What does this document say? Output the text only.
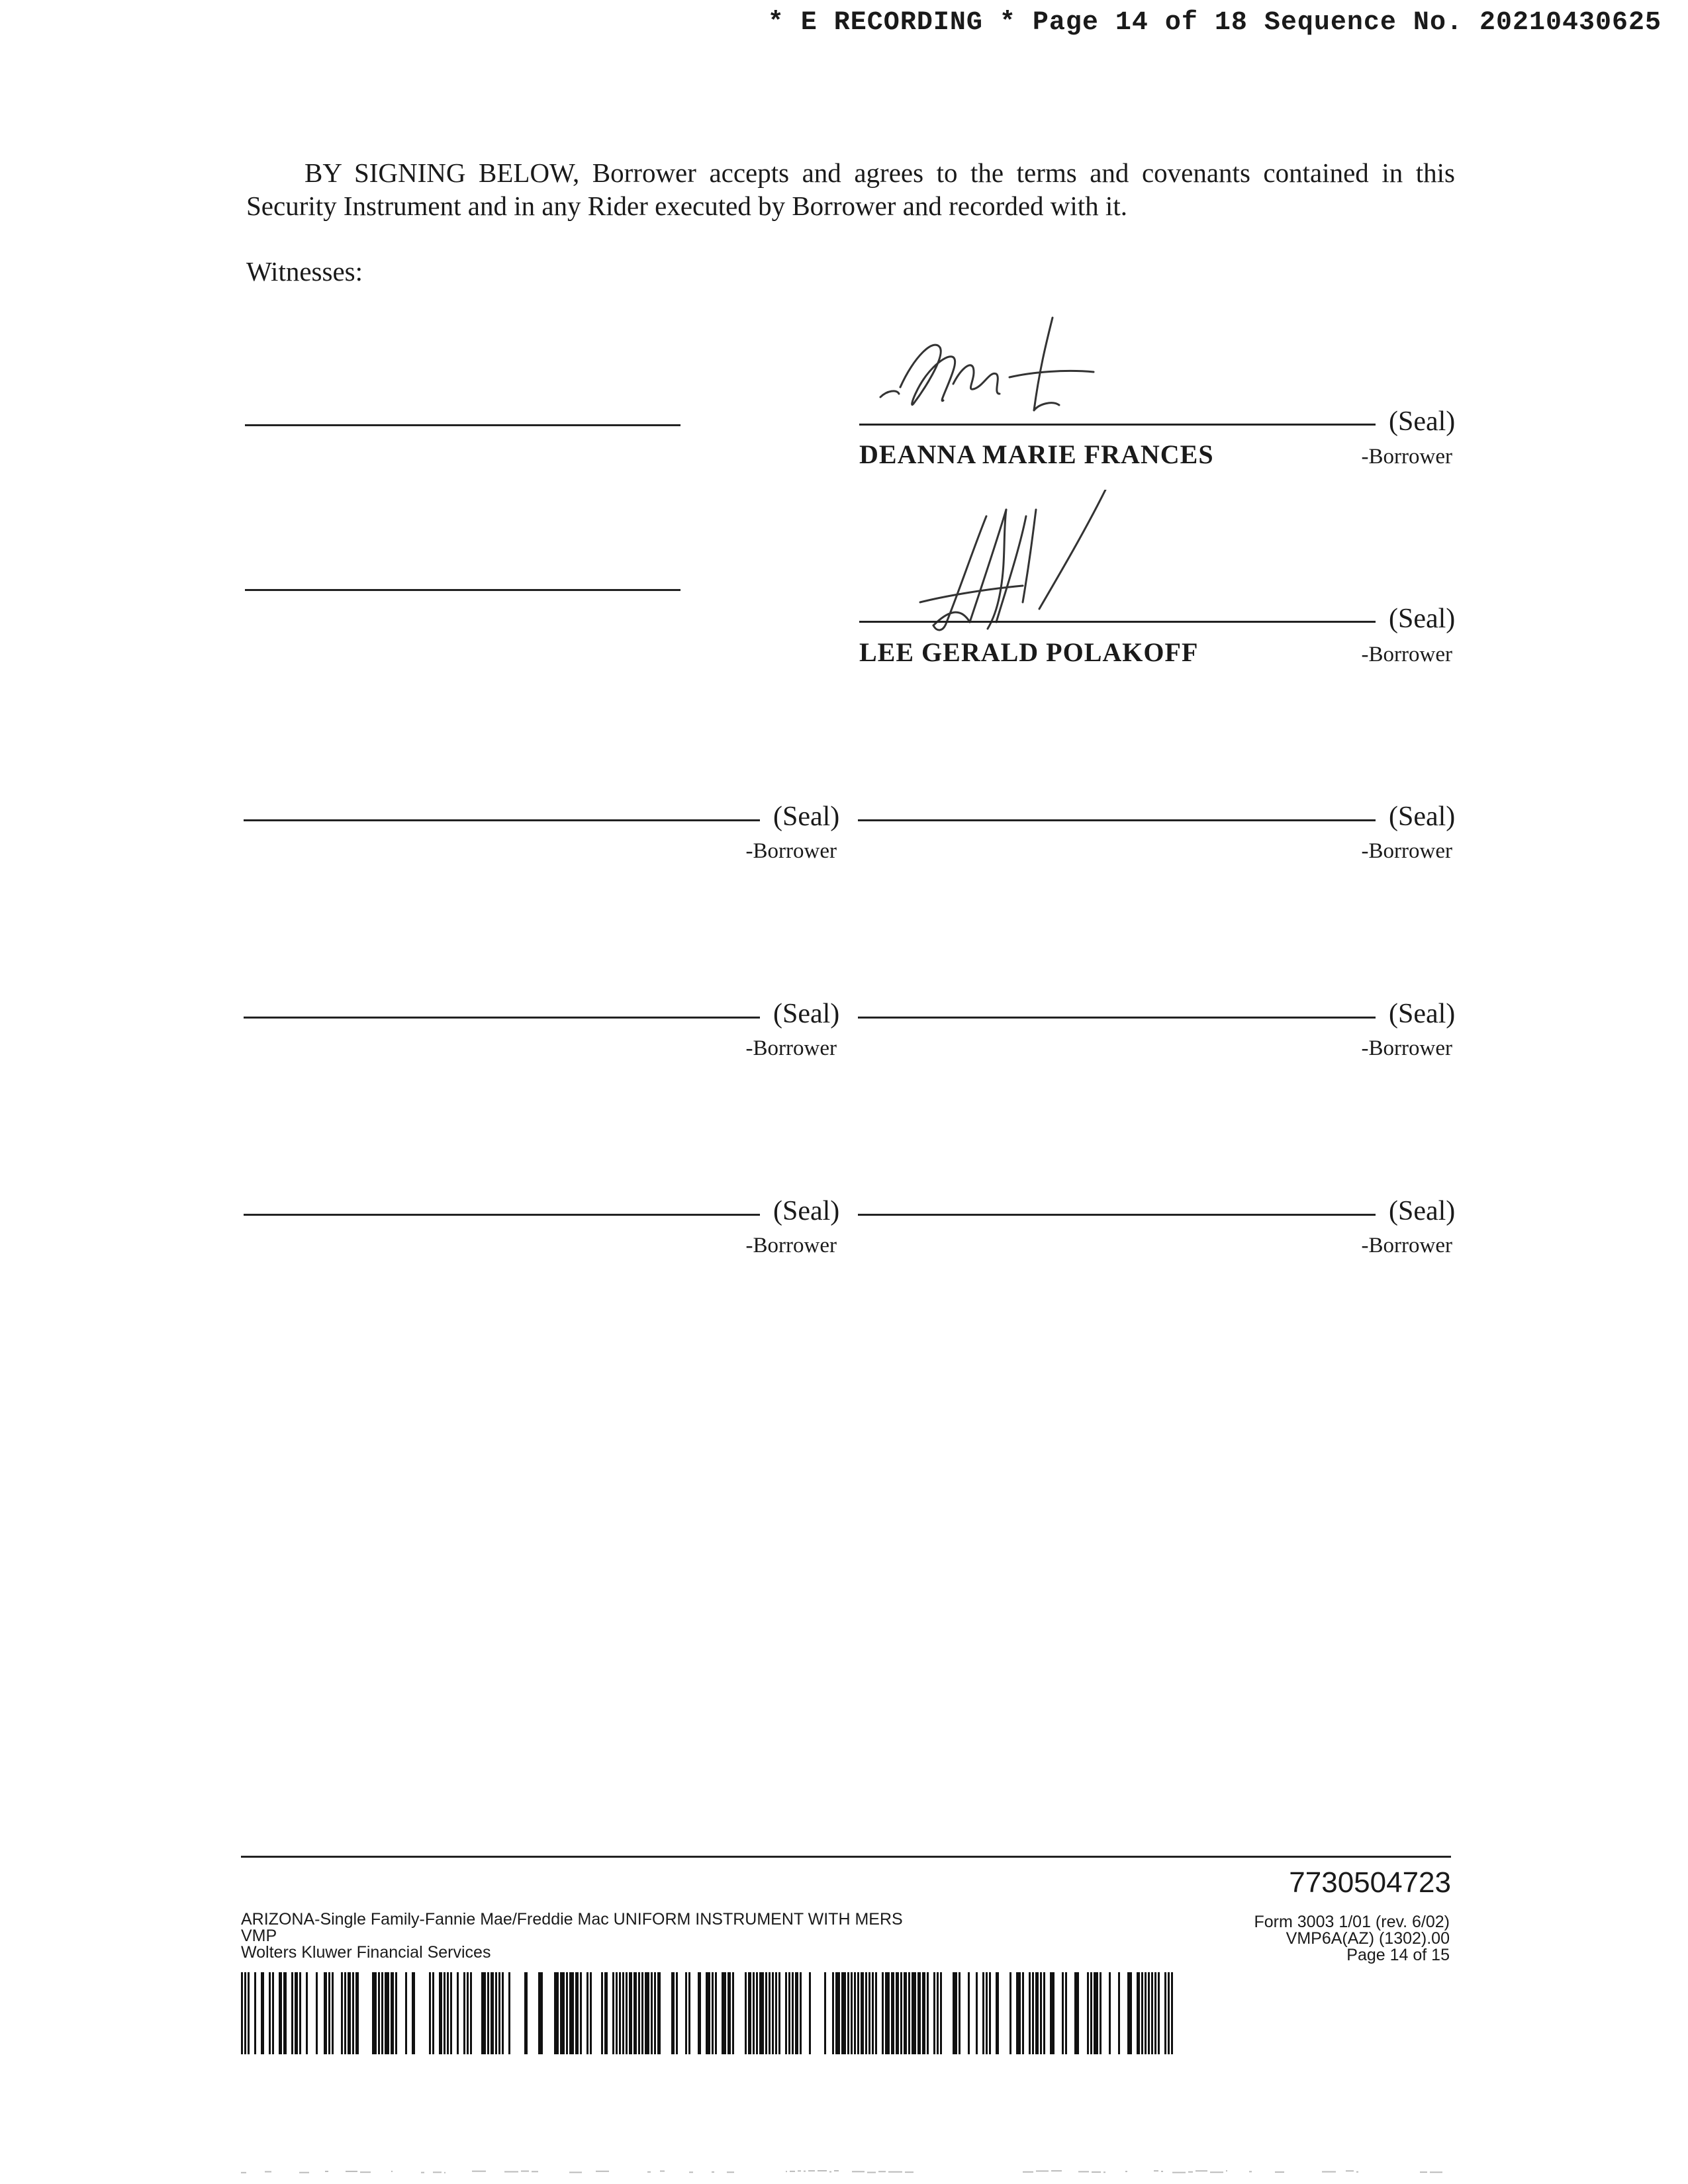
* E RECORDING * Page 14 of 18 Sequence No. 20210430625
BY SIGNING BELOW, Borrower accepts and agrees to the terms and covenants contained in this Security Instrument and in any Rider executed by Borrower and recorded with it.
Witnesses:
(Seal)
DEANNA MARIE FRANCES	-Borrower
(Seal)
LEE GERALD POLAKOFF	-Borrower
(Seal)
-Borrower
(Seal)
-Borrower
(Seal)
-Borrower
(Seal)
-Borrower
(Seal)
-Borrower
(Seal)
-Borrower
7730504723
ARIZONA-Single Family-Fannie Mae/Freddie Mac UNIFORM INSTRUMENT WITH MERS
VMP
Wolters Kluwer Financial Services
Form 3003 1/01 (rev. 6/02)
VMP6A(AZ) (1302).00
Page 14 of 15
